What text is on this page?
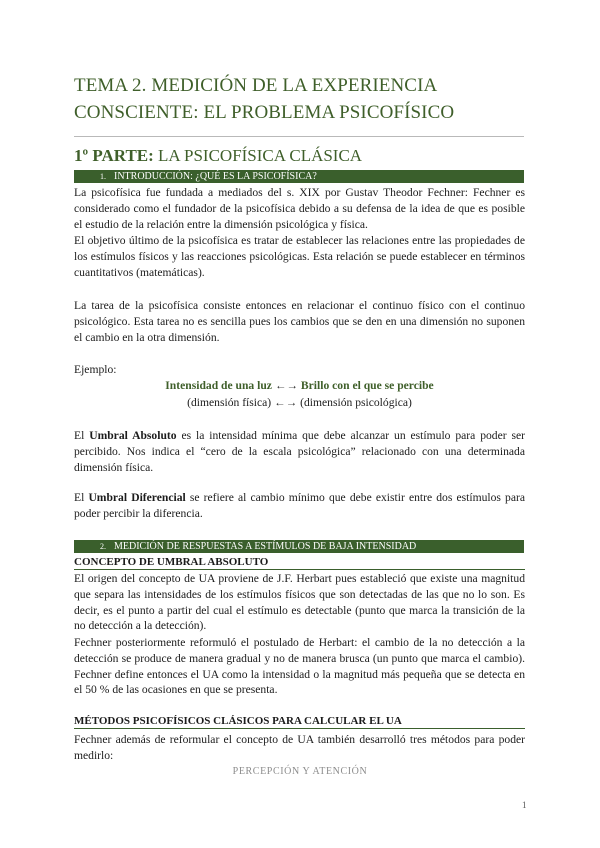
TEMA 2. MEDICIÓN DE LA EXPERIENCIA CONSCIENTE: EL PROBLEMA PSICOFÍSICO
1º PARTE: LA PSICOFÍSICA CLÁSICA
1. INTRODUCCIÓN: ¿QUÉ ES LA PSICOFÍSICA?

La psicofísica fue fundada a mediados del s. XIX por Gustav Theodor Fechner: Fechner es considerado como el fundador de la psicofísica debido a su defensa de la idea de que es posible el estudio de la relación entre la dimensión psicológica y física.

El objetivo último de la psicofísica es tratar de establecer las relaciones entre las propiedades de los estímulos físicos y las reacciones psicológicas. Esta relación se puede establecer en términos cuantitativos (matemáticas).

La tarea de la psicofísica consiste entonces en relacionar el continuo físico con el continuo psicológico. Esta tarea no es sencilla pues los cambios que se den en una dimensión no suponen el cambio en la otra dimensión.

Ejemplo:

Intensidad de una luz ←→ Brillo con el que se percibe

(dimensión física) ←→ (dimensión psicológica)

El Umbral Absoluto es la intensidad mínima que debe alcanzar un estímulo para poder ser percibido. Nos indica el “cero de la escala psicológica” relacionado con una determinada dimensión física.

El Umbral Diferencial se refiere al cambio mínimo que debe existir entre dos estímulos para poder percibir la diferencia.

2. MEDICIÓN DE RESPUESTAS A ESTÍMULOS DE BAJA INTENSIDAD

CONCEPTO DE UMBRAL ABSOLUTO

El origen del concepto de UA proviene de J.F. Herbart pues estableció que existe una magnitud que separa las intensidades de los estímulos físicos que son detectadas de las que no lo son. Es decir, es el punto a partir del cual el estímulo es detectable (punto que marca la transición de la no detección a la detección).

Fechner posteriormente reformuló el postulado de Herbart: el cambio de la no detección a la detección se produce de manera gradual y no de manera brusca (un punto que marca el cambio). Fechner define entonces el UA como la intensidad o la magnitud más pequeña que se detecta en el 50 % de las ocasiones en que se presenta.

MÉTODOS PSICOFÍSICOS CLÁSICOS PARA CALCULAR EL UA

Fechner además de reformular el concepto de UA también desarrolló tres métodos para poder medirlo:

PERCEPCIÓN Y ATENCIÓN
1
